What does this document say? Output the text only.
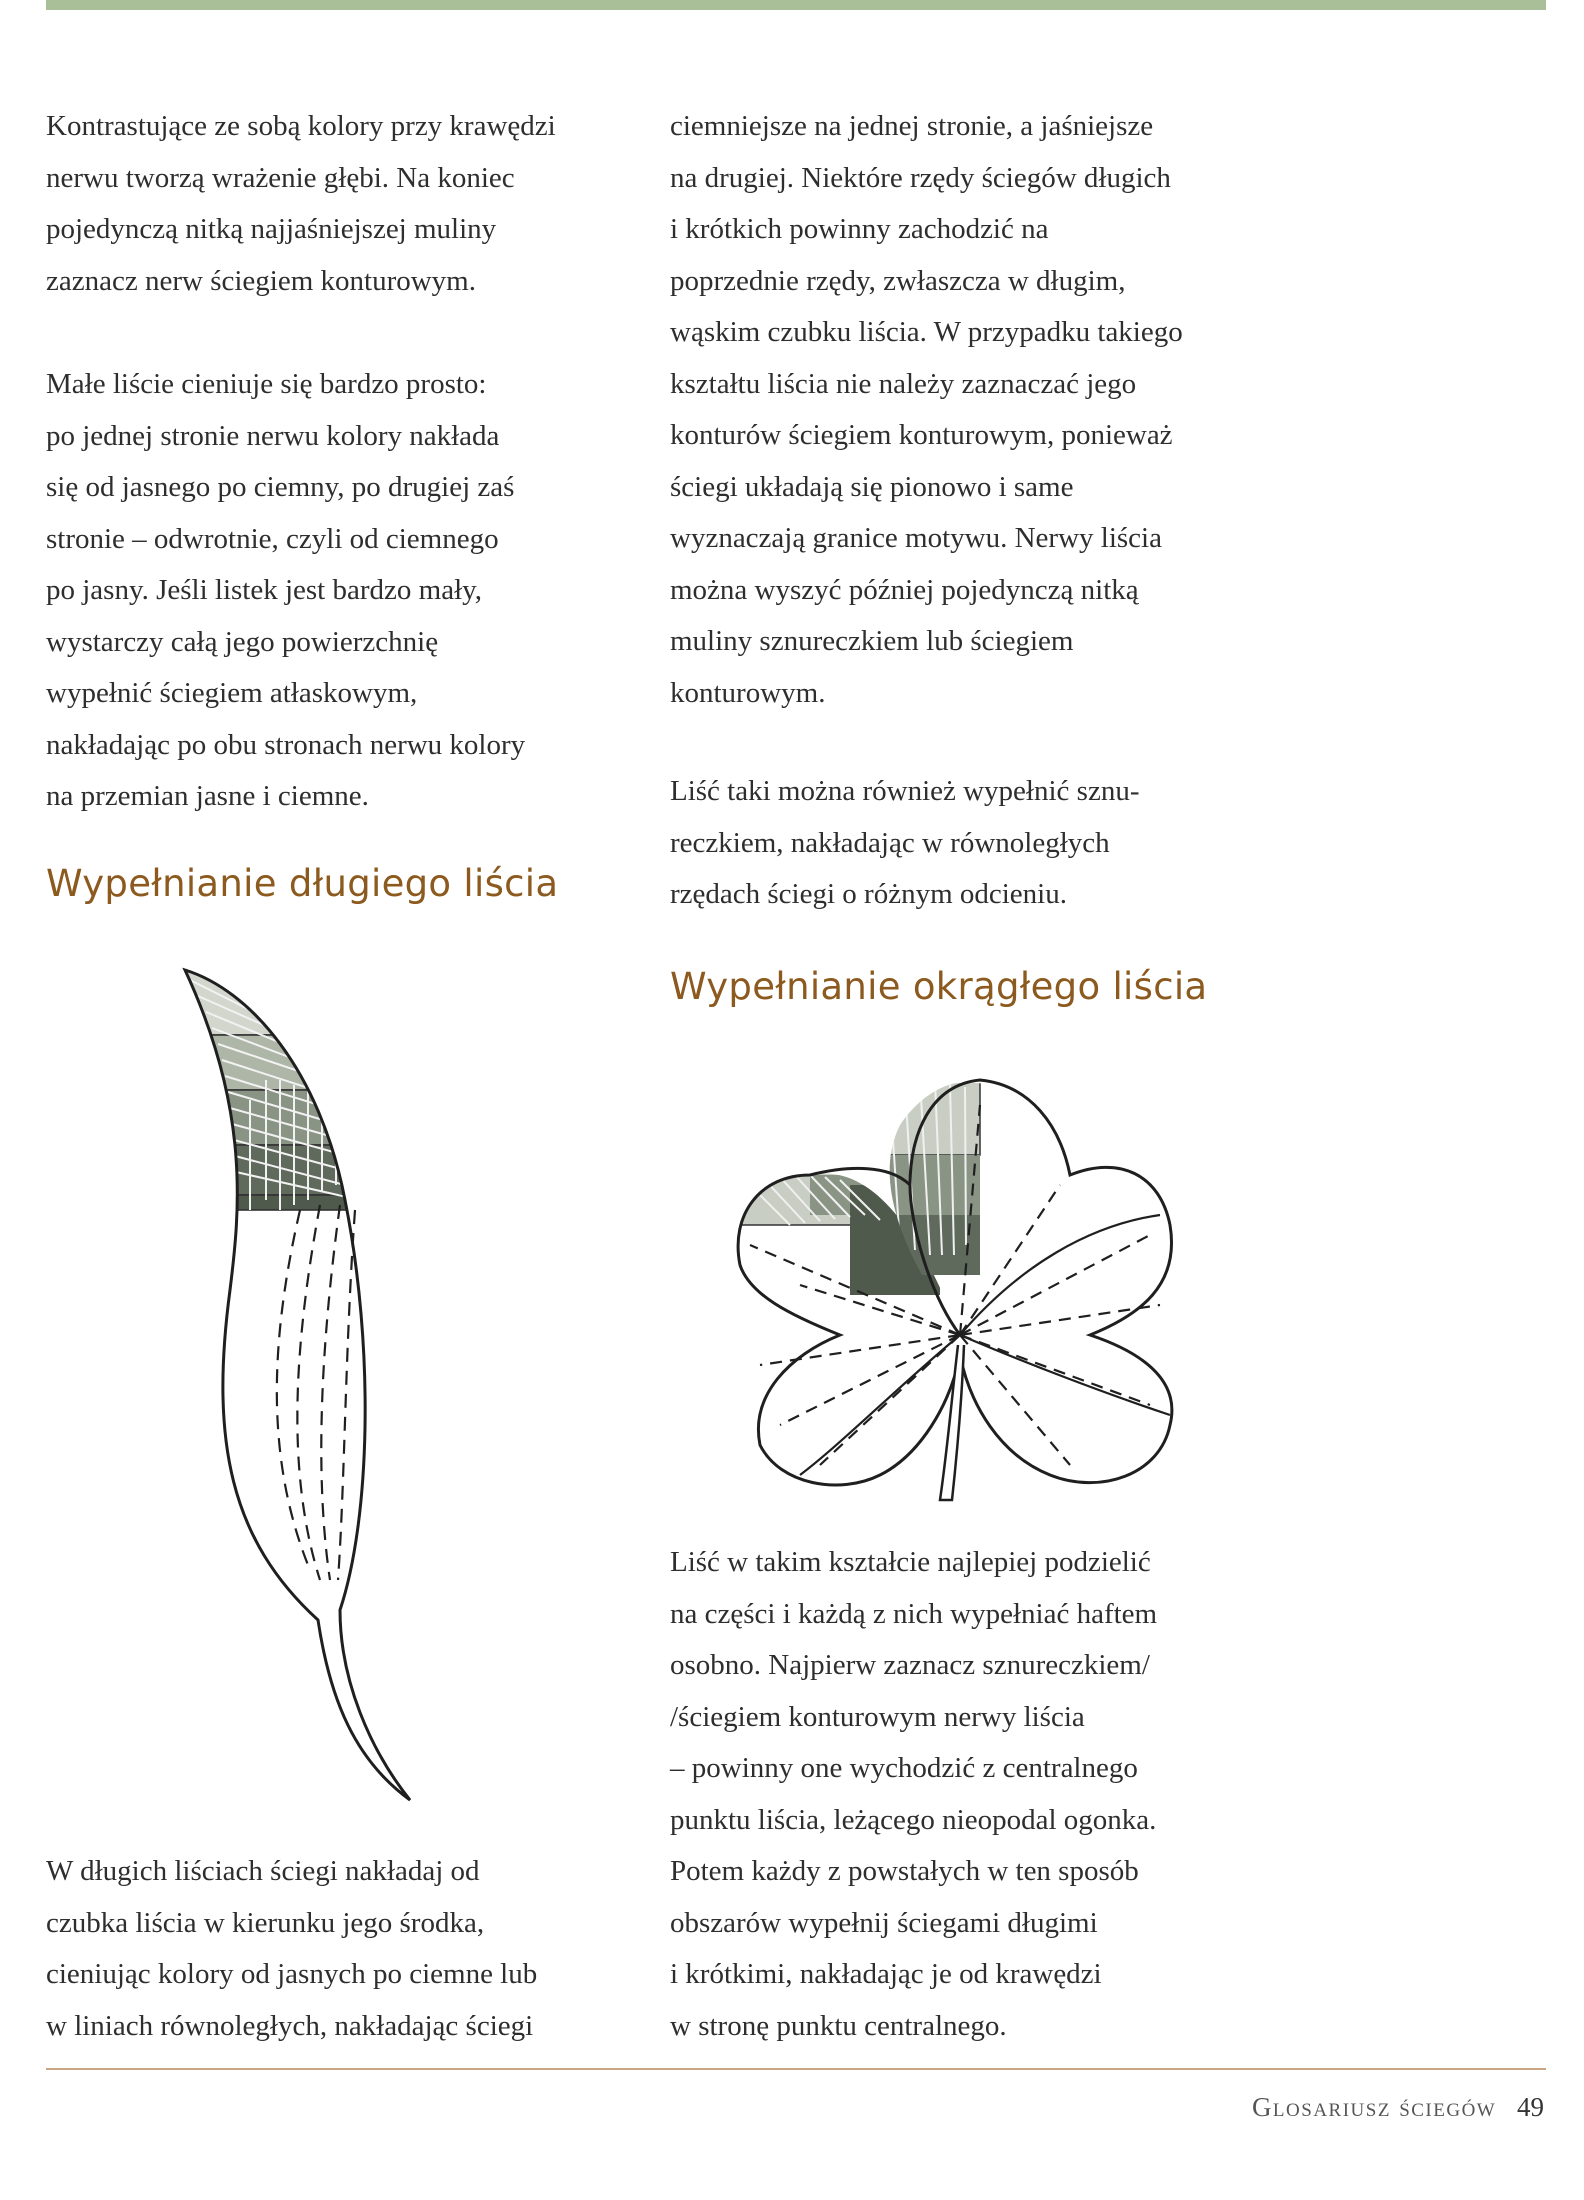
Kontrastujące ze sobą kolory przy krawędzi
nerwu tworzą wrażenie głębi. Na koniec
pojedynczą nitką najjaśniejszej muliny
zaznacz nerw ściegiem konturowym.

Małe liście cieniuje się bardzo prosto:
po jednej stronie nerwu kolory nakłada
się od jasnego po ciemny, po drugiej zaś
stronie – odwrotnie, czyli od ciemnego
po jasny. Jeśli listek jest bardzo mały,
wystarczy całą jego powierzchnię
wypełnić ściegiem atłaskowym,
nakładając po obu stronach nerwu kolory
na przemian jasne i ciemne.

Wypełnianie długiego liścia

W długich liściach ściegi nakładaj od
czubka liścia w kierunku jego środka,
cieniując kolory od jasnych po ciemne lub
w liniach równoległych, nakładając ściegi

ciemniejsze na jednej stronie, a jaśniejsze
na drugiej. Niektóre rzędy ściegów długich
i krótkich powinny zachodzić na
poprzednie rzędy, zwłaszcza w długim,
wąskim czubku liścia. W przypadku takiego
kształtu liścia nie należy zaznaczać jego
konturów ściegiem konturowym, ponieważ
ściegi układają się pionowo i same
wyznaczają granice motywu. Nerwy liścia
można wyszyć później pojedynczą nitką
muliny sznureczkiem lub ściegiem
konturowym.

Liść taki można również wypełnić sznu-
reczkiem, nakładając w równoległych
rzędach ściegi o różnym odcieniu.

Wypełnianie okrągłego liścia

Liść w takim kształcie najlepiej podzielić
na części i każdą z nich wypełniać haftem
osobno. Najpierw zaznacz sznureczkiem/
/ściegiem konturowym nerwy liścia
– powinny one wychodzić z centralnego
punktu liścia, leżącego nieopodal ogonka.
Potem każdy z powstałych w ten sposób
obszarów wypełnij ściegami długimi
i krótkimi, nakładając je od krawędzi
w stronę punktu centralnego.

Glosariusz ściegów 49
